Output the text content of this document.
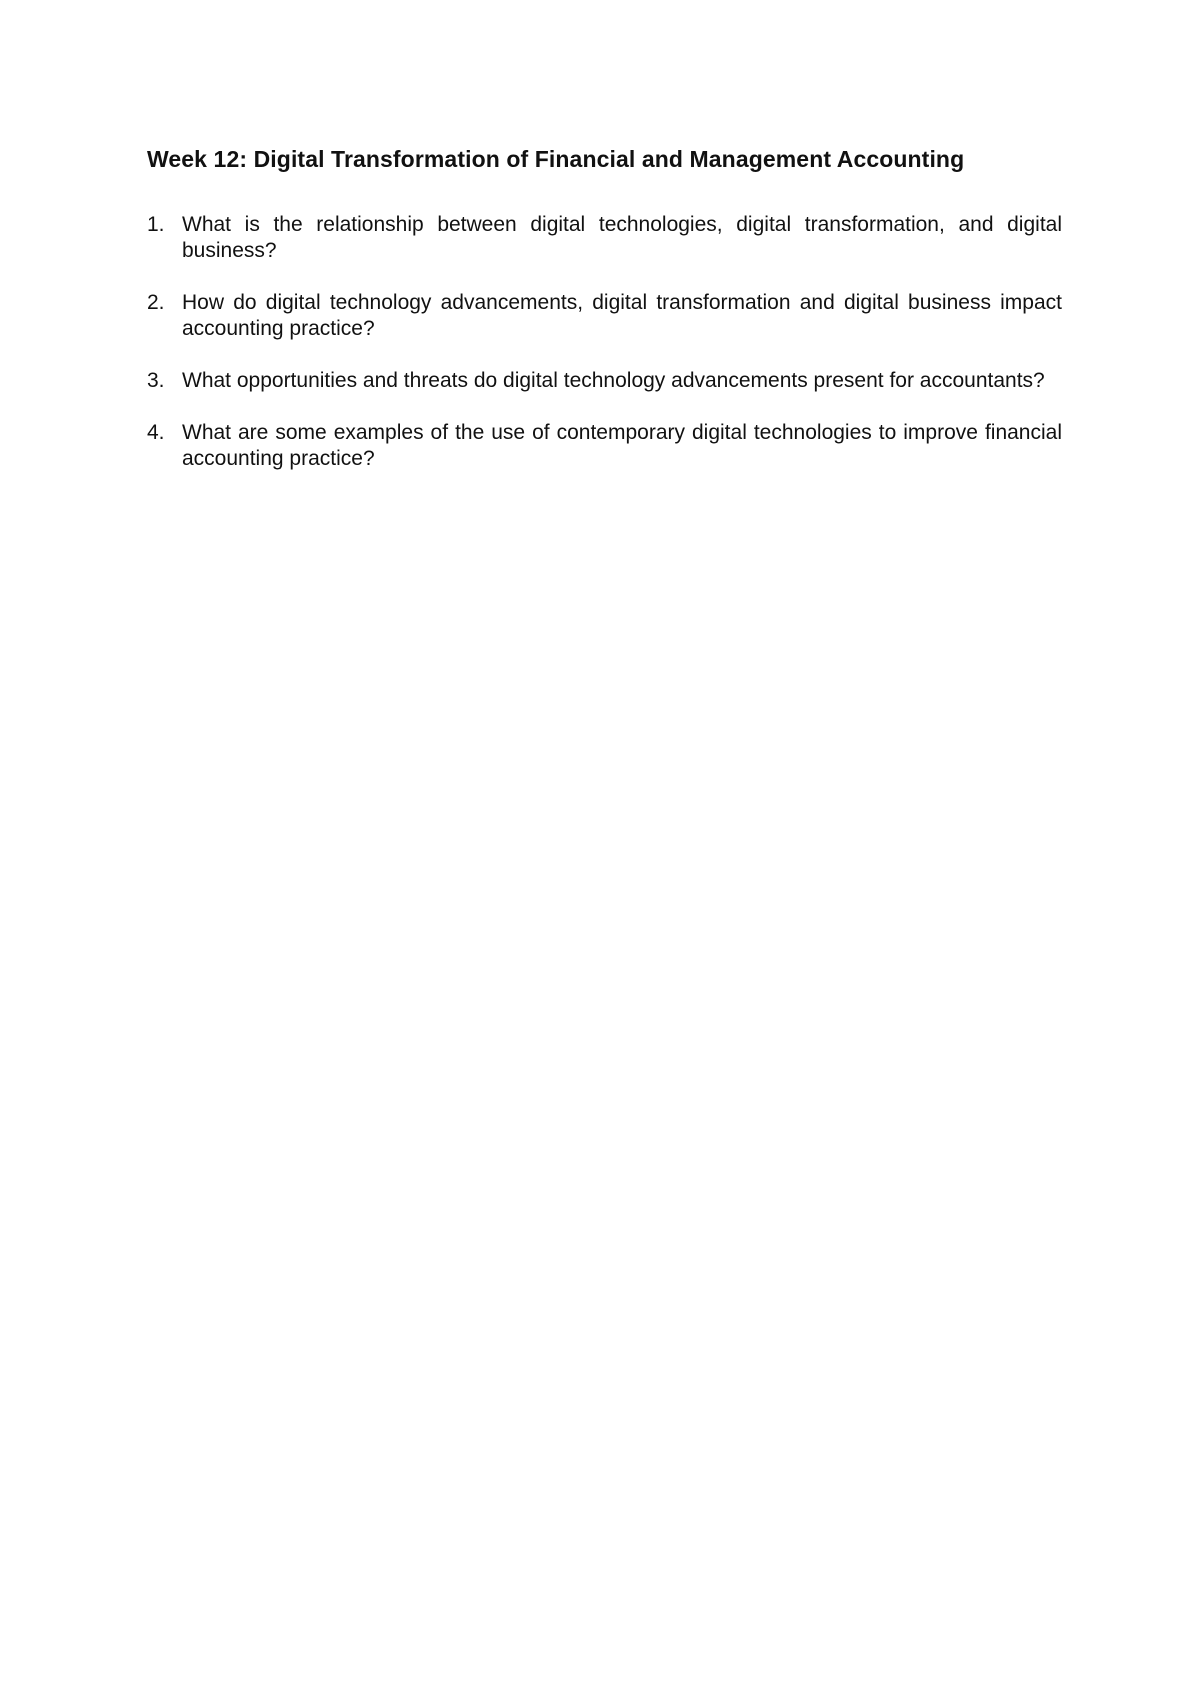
Week 12: Digital Transformation of Financial and Management Accounting
1. What is the relationship between digital technologies, digital transformation, and digital business?
2. How do digital technology advancements, digital transformation and digital business impact accounting practice?
3. What opportunities and threats do digital technology advancements present for accountants?
4. What are some examples of the use of contemporary digital technologies to improve financial accounting practice?
